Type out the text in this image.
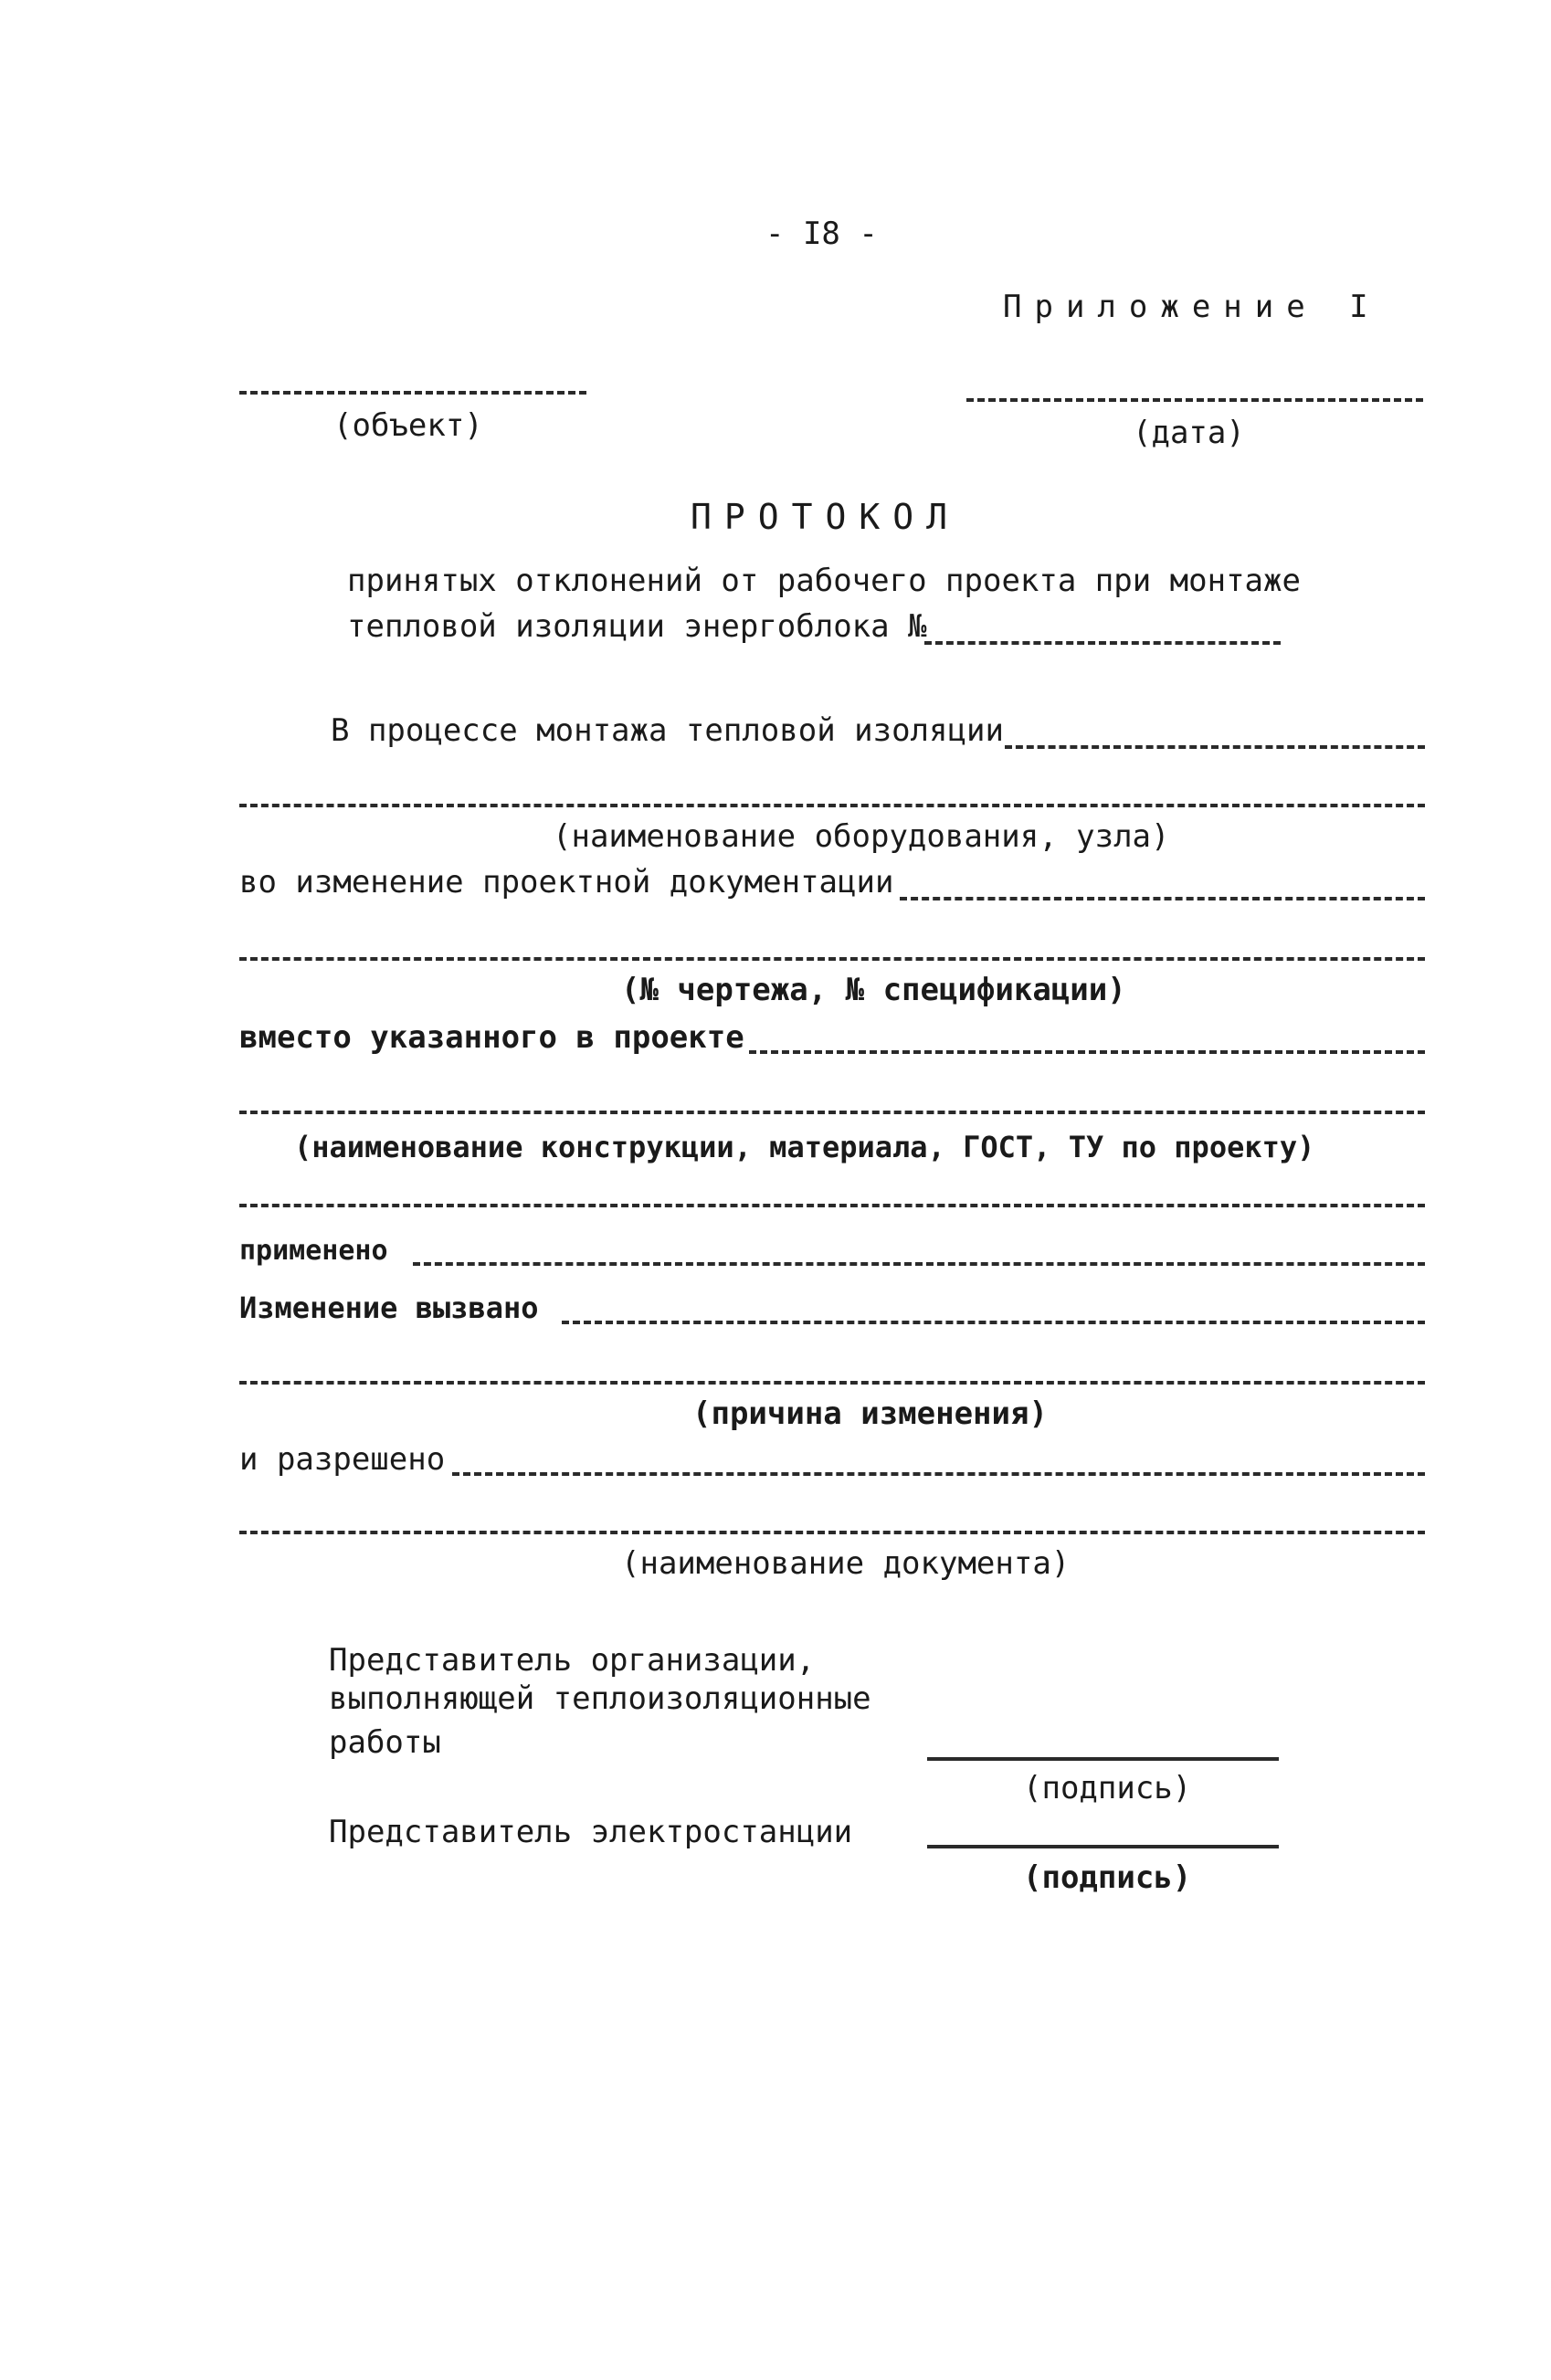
- I8 -
Приложение I
(объект)	(дата)
ПРОТОКОЛ
принятых отклонений от рабочего проекта при монтаже
тепловой изоляции энергоблока №
В процессе монтажа тепловой изоляции
(наименование оборудования, узла)
во изменение проектной документации
(№ чертежа, № спецификации)
вместо указанного в проекте
(наименование конструкции, материала, ГОСТ, ТУ по проекту)
применено
Изменение вызвано
(причина изменения)
и разрешено
(наименование документа)
Представитель организации,
выполняющей теплоизоляционные
работы
(подпись)
Представитель электростанции
(подпись)
